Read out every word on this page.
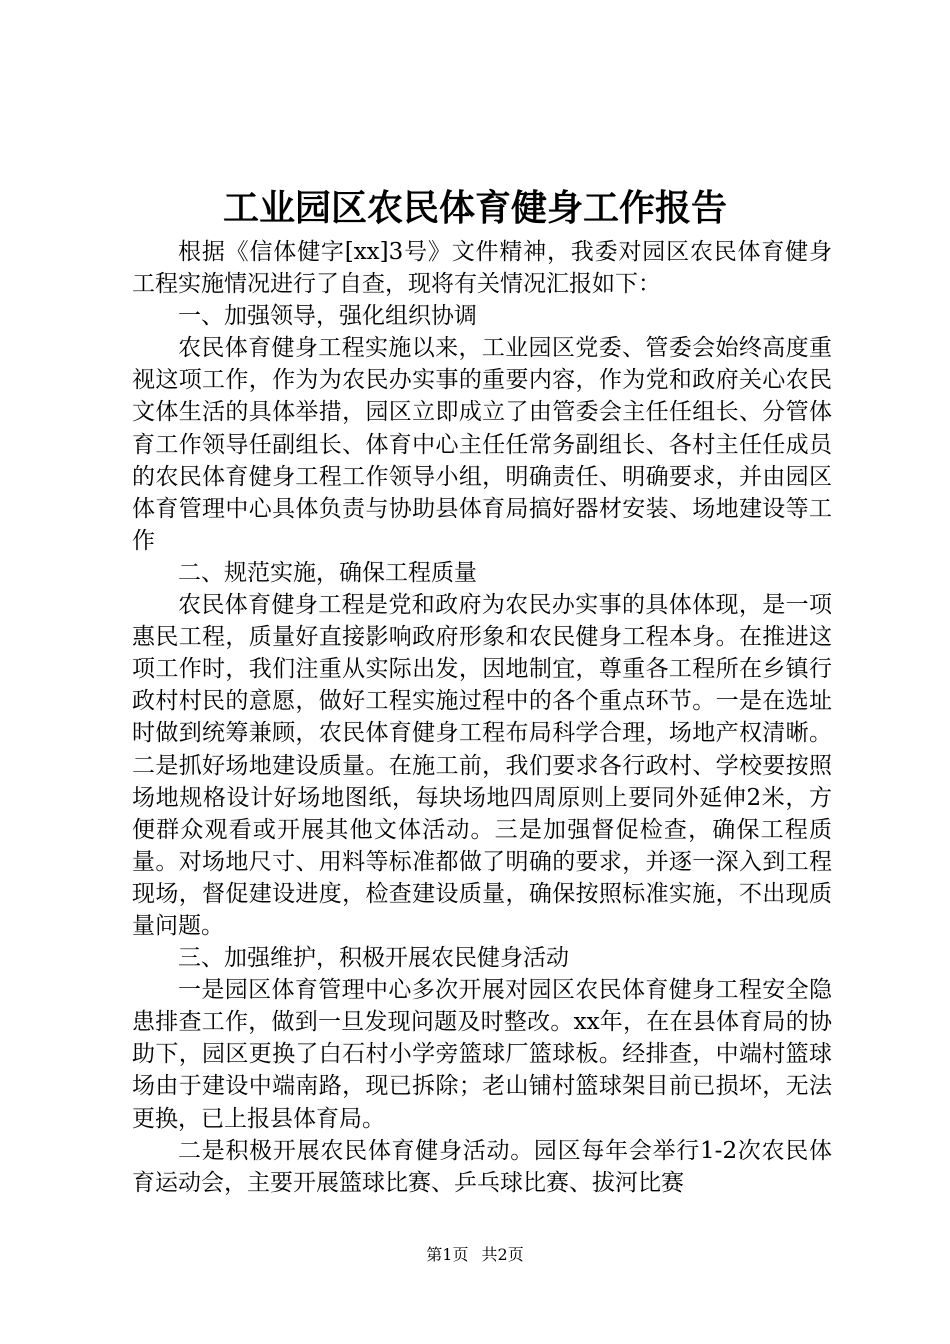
工业园区农民体育健身工作报告

根据《信体健字[xx]3号》文件精神，我委对园区农民体育健身工程实施情况进行了自查，现将有关情况汇报如下：

一、加强领导，强化组织协调

农民体育健身工程实施以来，工业园区党委、管委会始终高度重视这项工作，作为为农民办实事的重要内容，作为党和政府关心农民文体生活的具体举措，园区立即成立了由管委会主任任组长、分管体育工作领导任副组长、体育中心主任任常务副组长、各村主任任成员的农民体育健身工程工作领导小组，明确责任、明确要求，并由园区体育管理中心具体负责与协助县体育局搞好器材安装、场地建设等工作

二、规范实施，确保工程质量

农民体育健身工程是党和政府为农民办实事的具体体现，是一项惠民工程，质量好直接影响政府形象和农民健身工程本身。在推进这项工作时，我们注重从实际出发，因地制宜，尊重各工程所在乡镇行政村村民的意愿，做好工程实施过程中的各个重点环节。一是在选址时做到统筹兼顾，农民体育健身工程布局科学合理，场地产权清晰。二是抓好场地建设质量。在施工前，我们要求各行政村、学校要按照场地规格设计好场地图纸，每块场地四周原则上要同外延伸2米，方便群众观看或开展其他文体活动。三是加强督促检查，确保工程质量。对场地尺寸、用料等标准都做了明确的要求，并逐一深入到工程现场，督促建设进度，检查建设质量，确保按照标准实施，不出现质量问题。

三、加强维护，积极开展农民健身活动

一是园区体育管理中心多次开展对园区农民体育健身工程安全隐患排查工作，做到一旦发现问题及时整改。xx年，在在县体育局的协助下，园区更换了白石村小学旁篮球厂篮球板。经排查，中端村篮球场由于建设中端南路，现已拆除；老山铺村篮球架目前已损坏，无法更换，已上报县体育局。

二是积极开展农民体育健身活动。园区每年会举行1-2次农民体育运动会，主要开展篮球比赛、乒乓球比赛、拔河比赛

第1页 共2页
